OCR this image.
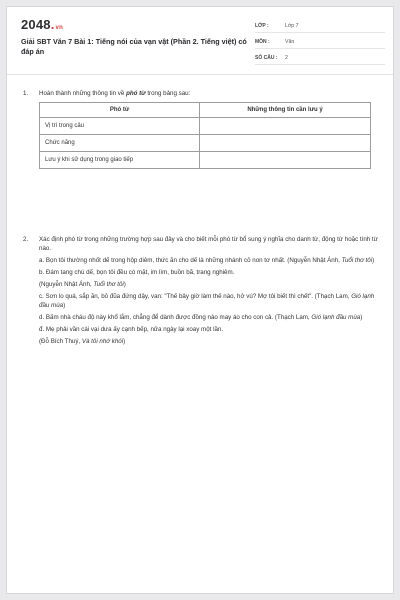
2048.vn
Giải SBT Văn 7 Bài 1: Tiếng nói của vạn vật (Phần 2. Tiếng việt) có đáp án
LỚP :	Lớp 7
MÔN :	Văn
SỐ CÂU :	2
1.	Hoàn thành những thông tin về phó từ trong bảng sau:
Phó từ	Những thông tin cần lưu ý
Vị trí trong câu	
Chức năng	
Lưu ý khi sử dụng trong giao tiếp	
2.	Xác định phó từ trong những trường hợp sau đây và cho biết mỗi phó từ bổ sung ý nghĩa cho danh từ, động từ hoặc tính từ nào.
a. Bọn tôi thường nhốt dế trong hộp diêm, thức ăn cho dế là những nhánh cỏ non tơ nhất. (Nguyễn Nhật Ánh, Tuổi thơ tôi)
b. Đám tang chú dế, bọn tôi đều có mặt, im lìm, buồn bã, trang nghiêm.
(Nguyễn Nhật Ánh, Tuổi thơ tôi)
c. Sơn lo quá, sắp ăn, bỏ đũa đứng dậy, van: "Thế bây giờ làm thế nào, hở vú? Mợ tôi biết thì chết". (Thạch Lam, Gió lạnh đầu mùa)
d. Bấm nhà cháu độ này khổ lắm, chẳng để dành được đồng nào may áo cho con cả. (Thạch Lam, Gió lạnh đầu mùa)
đ. Mẹ phải vần cái vại dưa ấy cạnh bếp, nửa ngày lại xoay một lần.
(Đỗ Bích Thuý, Và tôi nhớ khói)
